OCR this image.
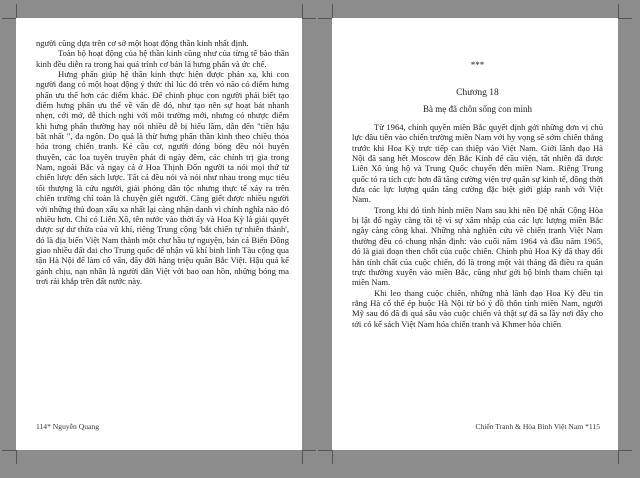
người cũng dựa trên cơ sở một hoạt động thần kinh nhất định.

Toàn bộ hoạt động của hệ thần kinh cũng như của từng tế bào thần kinh đều diễn ra trong hai quá trình cơ bản là hưng phấn và ức chế.

Hưng phấn giúp hệ thần kinh thực hiện được phản xạ, khi con người đang có một hoạt động ý thức thì lúc đó trên vỏ não có điểm hưng phấn ưu thế hơn các điểm khác. Để chinh phục con người phải biết tạo điểm hưng phấn ưu thế về vấn đề đó, như tạo nên sự hoạt bát nhanh nhẹn, cởi mở, dễ thích nghi với môi trường mới, nhưng có nhược điểm khi hưng phấn thường hay nói nhiều dễ bị hiếu lầm, dẫn đến "tiền hậu bất nhất ", đa ngôn. Do quá là thừ hưng phấn thần kinh theo chiều thỏa hóa trong chiến tranh. Kẻ cầu cơ, người đóng bóng đều nói huyên thuyên, các loa tuyên truyền phát đi ngày đêm, các chính trị gia trong Nam, ngoài Bắc và ngay cả ở Hoa Thịnh Đốn người ta nói mọi thứ từ chiến lược đến sách lược. Tất cả đều nói và nói như nhau trong mục tiêu tối thượng là cứu người, giải phóng dân tộc nhưng thực tế xảy ra trên chiến trường chỉ toàn là chuyện giết người. Càng giết được nhiều người với những thủ đoạn xấu xa nhất lại càng nhận danh vì chính nghĩa nào đó nhiều hơn. Chỉ có Liên Xô, tên nước vào thời ấy và Hoa Kỳ là giải quyết được sự dư thừa của vũ khí, riêng Trung cộng 'bắt chiến tự nhiên thành', đó là địa biển Việt Nam thành một chư hầu tự nguyện, bán cả Biển Đông giao nhiều đất đai cho Trung quốc để nhận vũ khí binh lính Tàu cộng qua tận Hà Nội để làm cố vấn, đẩy đời hàng triệu quân Bắc Việt. Hậu quả kể gánh chịu, nạn nhân là người dân Việt với bao oan hồn, những bóng ma trơi rải khắp trên đất nước này.

114* Nguyễn Quang

***

Chương 18

Bà mẹ đã chôn sống con mình

Từ 1964, chính quyền miền Bắc quyết định gởi những đơn vị chủ lực đầu tiên vào chiến trường miền Nam với hy vọng sẽ sớm chiến thắng trước khi Hoa Kỳ trực tiếp can thiệp vào Việt Nam. Giới lãnh đạo Hà Nội đã sang hết Moscow đến Bắc Kinh để cầu viện, tất nhiên đã được Liên Xô ủng hộ và Trung Quốc chuyển đến miền Nam. Riêng Trung quốc tỏ ra tích cực hơn đã tăng cường viện trợ quân sự kinh tế, đồng thời đưa các lực lượng quân tăng cường đặc biệt giới giáp ranh với Việt Nam.

Trong khi đó tình hình miền Nam sau khi nền Đệ nhất Cộng Hòa bị lật đổ ngày càng tồi tệ vì sự xâm nhập của các lực lượng miền Bắc ngày càng công khai. Những nhà nghiên cứu về chiến tranh Việt Nam thường đều có chung nhận định: vào cuối năm 1964 và đầu năm 1965, đó là giai đoạn then chốt của cuộc chiến. Chính phủ Hoa Kỳ đã thay đổi hẳn tính chất của cuộc chiến, đó là trong một vài tháng đã điều ra quân trực thường xuyên vào miền Bắc, cũng như gởi bộ binh tham chiến tại miền Nam.

Khi leo thang cuộc chiến, những nhà lãnh đạo Hoa Kỳ đều tin rằng Hà cố thể ép buộc Hà Nội từ bỏ ý đồ thôn tính miền Nam, người Mỹ sau đó đã đi quá sâu vào cuộc chiến và thật sự đã sa lầy nơi đây cho tới có kế sách Việt Nam hóa chiến tranh và Khmer hóa chiến

Chiến Tranh & Hòa Bình Việt Nam *115
